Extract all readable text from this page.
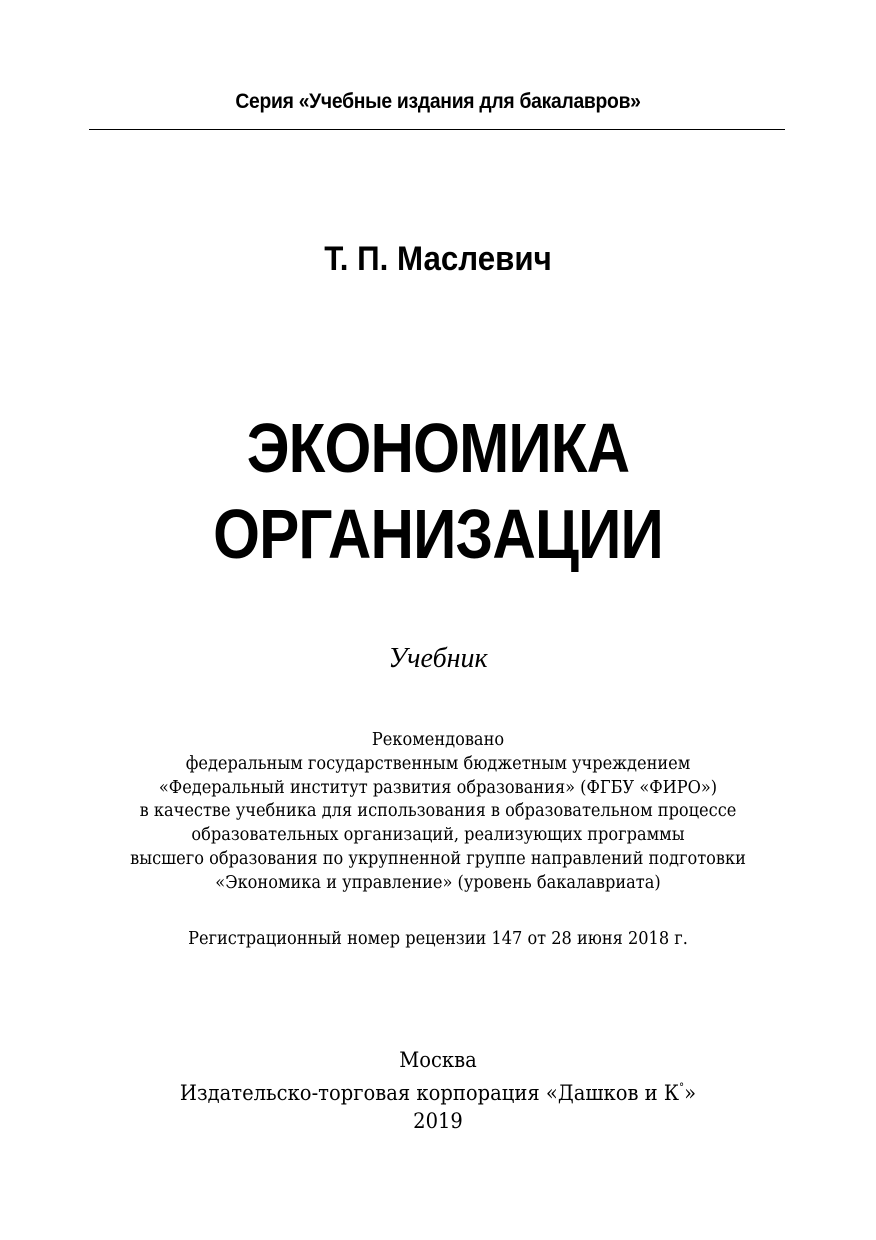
Серия «Учебные издания для бакалавров»
Т. П. Маслевич
ЭКОНОМИКА
ОРГАНИЗАЦИИ
Учебник
Рекомендовано
федеральным государственным бюджетным учреждением
«Федеральный институт развития образования» (ФГБУ «ФИРО»)
в качестве учебника для использования в образовательном процессе
образовательных организаций, реализующих программы
высшего образования по укрупненной группе направлений подготовки
«Экономика и управление» (уровень бакалавриата)
Регистрационный номер рецензии 147 от 28 июня 2018 г.
Москва
Издательско-торговая корпорация «Дашков и К°»
2019
